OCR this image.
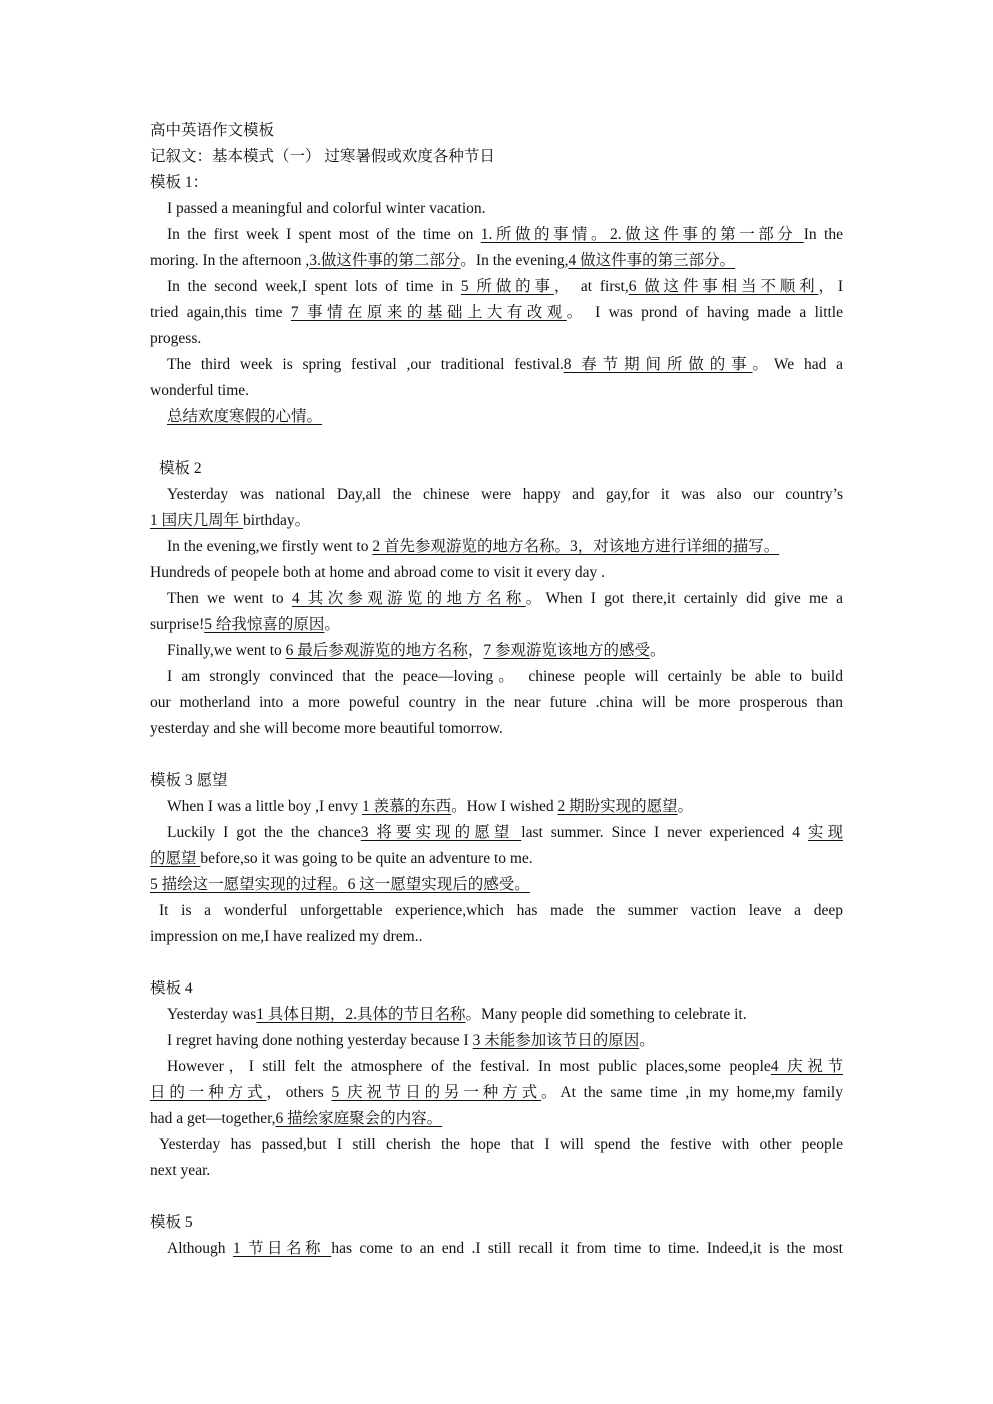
高中英语作文模板
记叙文：基本模式（一） 过寒暑假或欢度各种节日
模板 1：
I passed a meaningful and colorful winter vacation.
In the first week I spent most of the time on 1.所做的事情。2.做这件事的第一部分 In the
moring. In the afternoon ,3.做这件事的第二部分。In the evening,4 做这件事的第三部分。
In the second week,I spent lots of time in 5 所做的事， at first,6 做这件事相当不顺利，I
tried again,this time 7 事情在原来的基础上大有改观。 I was prond of having made a little
progess.
The third week is spring festival ,our traditional festival.8 春节期间所做的事。We had a
wonderful time.
总结欢度寒假的心情。
模板 2
Yesterday was national Day,all the chinese were happy and gay,for it was also our country’s
1 国庆几周年 birthday。
In the evening,we firstly went to 2 首先参观游览的地方名称。3，对该地方进行详细的描写。
Hundreds of peopele both at home and abroad come to visit it every day .
Then we went to 4 其次参观游览的地方名称。When I got there,it certainly did give me a
surprise!5 给我惊喜的原因。
Finally,we went to 6 最后参观游览的地方名称，7 参观游览该地方的感受。
I am strongly convinced that the peace—loving。 chinese people will certainly be able to build
our motherland into a more poweful country in the near future .china will be more prosperous than
yesterday and she will become more beautiful tomorrow.
模板 3 愿望
When I was a little boy ,I envy 1 羡慕的东西。How I wished 2 期盼实现的愿望。
Luckily I got the the chance3 将要实现的愿望 last summer. Since I never experienced 4 实现
的愿望 before,so it was going to be quite an adventure to me.
5 描绘这一愿望实现的过程。6 这一愿望实现后的感受。
It is a wonderful unforgettable experience,which has made the summer vaction leave a deep
impression on me,I have realized my drem..
模板 4
Yesterday was1 具体日期，2.具体的节日名称。Many people did something to celebrate it.
I regret having done nothing yesterday because I 3 未能参加该节日的原因。
However，I still felt the atmosphere of the festival. In most public places,some people4 庆祝节
日的一种方式，others 5 庆祝节日的另一种方式。At the same time ,in my home,my family
had a get—together,6 描绘家庭聚会的内容。
Yesterday has passed,but I still cherish the hope that I will spend the festive with other people
next year.
模板 5
Although 1 节日名称 has come to an end .I still recall it from time to time. Indeed,it is the most
